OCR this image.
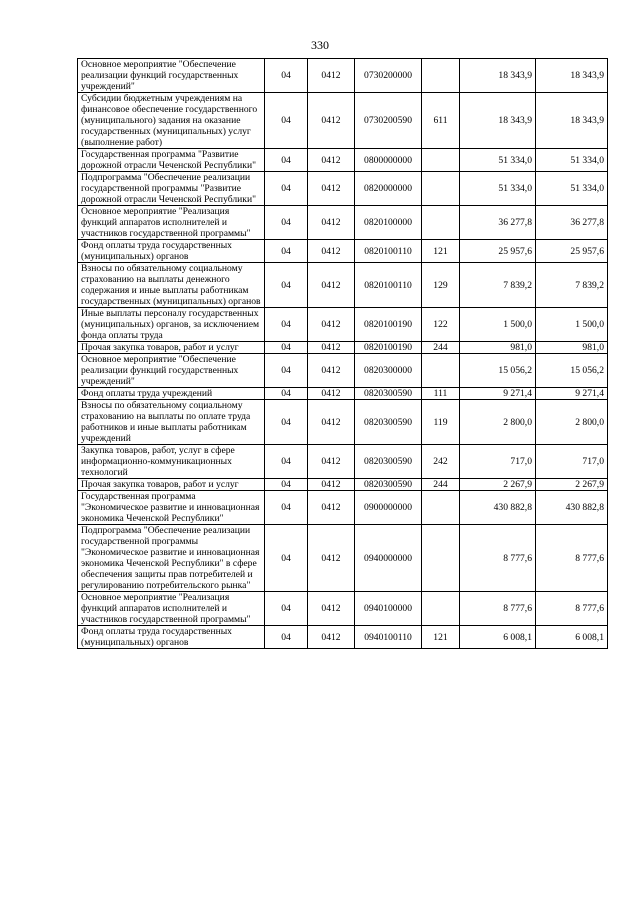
330
Основное мероприятие "Обеспечение реализации функций государственных учреждений"	04	0412	0730200000		18 343,9	18 343,9
Субсидии бюджетным учреждениям на финансовое обеспечение государственного (муниципального) задания на оказание государственных (муниципальных) услуг (выполнение работ)	04	0412	0730200590	611	18 343,9	18 343,9
Государственная программа "Развитие дорожной отрасли Чеченской Республики"	04	0412	0800000000		51 334,0	51 334,0
Подпрограмма "Обеспечение реализации государственной программы "Развитие дорожной отрасли Чеченской Республики"	04	0412	0820000000		51 334,0	51 334,0
Основное мероприятие "Реализация функций аппаратов исполнителей и участников государственной программы"	04	0412	0820100000		36 277,8	36 277,8
Фонд оплаты труда государственных (муниципальных) органов	04	0412	0820100110	121	25 957,6	25 957,6
Взносы по обязательному социальному страхованию на выплаты денежного содержания и иные выплаты работникам государственных (муниципальных) органов	04	0412	0820100110	129	7 839,2	7 839,2
Иные выплаты персоналу государственных (муниципальных) органов, за исключением фонда оплаты труда	04	0412	0820100190	122	1 500,0	1 500,0
Прочая закупка товаров, работ и услуг	04	0412	0820100190	244	981,0	981,0
Основное мероприятие "Обеспечение реализации функций государственных учреждений"	04	0412	0820300000		15 056,2	15 056,2
Фонд оплаты труда учреждений	04	0412	0820300590	111	9 271,4	9 271,4
Взносы по обязательному социальному страхованию на выплаты по оплате труда работников и иные выплаты работникам учреждений	04	0412	0820300590	119	2 800,0	2 800,0
Закупка товаров, работ, услуг в сфере информационно-коммуникационных технологий	04	0412	0820300590	242	717,0	717,0
Прочая закупка товаров, работ и услуг	04	0412	0820300590	244	2 267,9	2 267,9
Государственная программа "Экономическое развитие и инновационная экономика Чеченской Республики"	04	0412	0900000000		430 882,8	430 882,8
Подпрограмма "Обеспечение реализации государственной программы "Экономическое развитие и инновационная экономика Чеченской Республики" в сфере обеспечения защиты прав потребителей и регулированию потребительского рынка"	04	0412	0940000000		8 777,6	8 777,6
Основное мероприятие "Реализация функций аппаратов исполнителей и участников государственной программы"	04	0412	0940100000		8 777,6	8 777,6
Фонд оплаты труда государственных (муниципальных) органов	04	0412	0940100110	121	6 008,1	6 008,1
